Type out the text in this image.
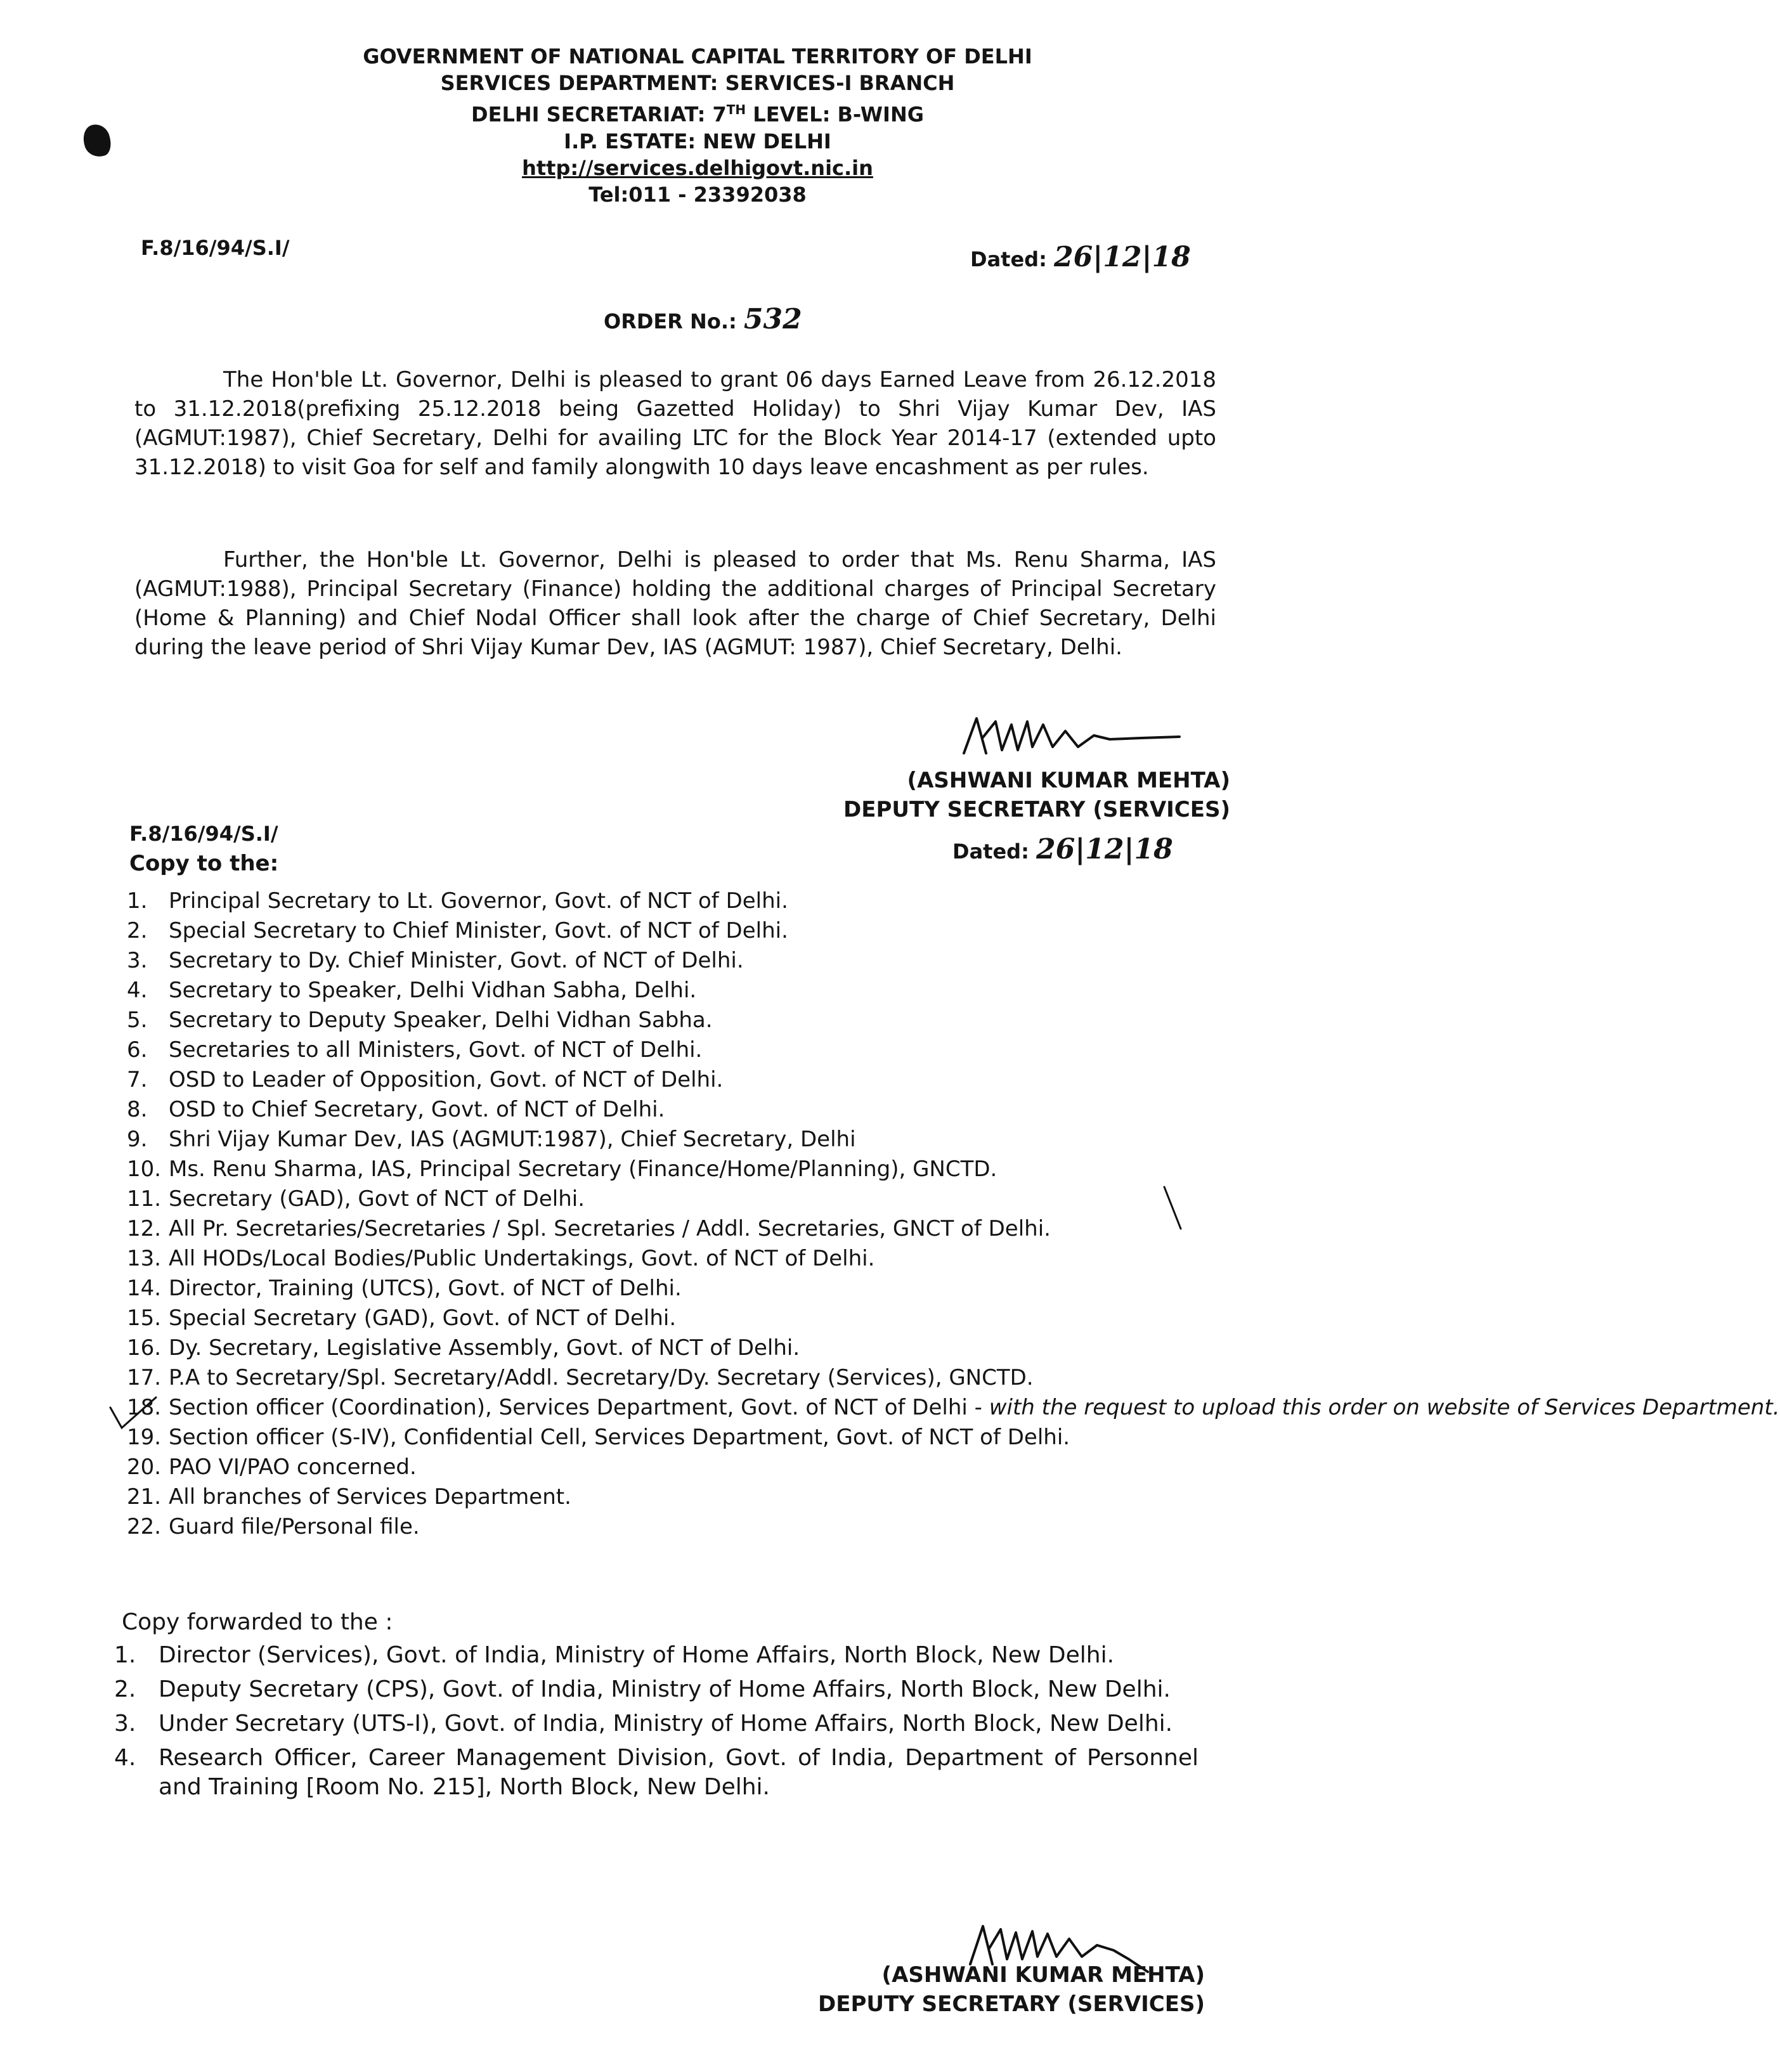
GOVERNMENT OF NATIONAL CAPITAL TERRITORY OF DELHI
SERVICES DEPARTMENT: SERVICES-I BRANCH
DELHI SECRETARIAT: 7TH LEVEL: B-WING
I.P. ESTATE: NEW DELHI
http://services.delhigovt.nic.in
Tel:011 - 23392038
F.8/16/94/S.I/	Dated: 26|12|18
ORDER No.: 532
The Hon'ble Lt. Governor, Delhi is pleased to grant 06 days Earned Leave from 26.12.2018 to 31.12.2018(prefixing 25.12.2018 being Gazetted Holiday) to Shri Vijay Kumar Dev, IAS (AGMUT:1987), Chief Secretary, Delhi for availing LTC for the Block Year 2014-17 (extended upto 31.12.2018) to visit Goa for self and family alongwith 10 days leave encashment as per rules.
Further, the Hon'ble Lt. Governor, Delhi is pleased to order that Ms. Renu Sharma, IAS (AGMUT:1988), Principal Secretary (Finance) holding the additional charges of Principal Secretary (Home & Planning) and Chief Nodal Officer shall look after the charge of Chief Secretary, Delhi during the leave period of Shri Vijay Kumar Dev, IAS (AGMUT: 1987), Chief Secretary, Delhi.
(ASHWANI KUMAR MEHTA)
DEPUTY SECRETARY (SERVICES)
F.8/16/94/S.I/
Dated: 26|12|18
Copy to the:
1. Principal Secretary to Lt. Governor, Govt. of NCT of Delhi.
2. Special Secretary to Chief Minister, Govt. of NCT of Delhi.
3. Secretary to Dy. Chief Minister, Govt. of NCT of Delhi.
4. Secretary to Speaker, Delhi Vidhan Sabha, Delhi.
5. Secretary to Deputy Speaker, Delhi Vidhan Sabha.
6. Secretaries to all Ministers, Govt. of NCT of Delhi.
7. OSD to Leader of Opposition, Govt. of NCT of Delhi.
8. OSD to Chief Secretary, Govt. of NCT of Delhi.
9. Shri Vijay Kumar Dev, IAS (AGMUT:1987), Chief Secretary, Delhi
10. Ms. Renu Sharma, IAS, Principal Secretary (Finance/Home/Planning), GNCTD.
11. Secretary (GAD), Govt of NCT of Delhi.
12. All Pr. Secretaries/Secretaries / Spl. Secretaries / Addl. Secretaries, GNCT of Delhi.
13. All HODs/Local Bodies/Public Undertakings, Govt. of NCT of Delhi.
14. Director, Training (UTCS), Govt. of NCT of Delhi.
15. Special Secretary (GAD), Govt. of NCT of Delhi.
16. Dy. Secretary, Legislative Assembly, Govt. of NCT of Delhi.
17. P.A to Secretary/Spl. Secretary/Addl. Secretary/Dy. Secretary (Services), GNCTD.
18. Section officer (Coordination), Services Department, Govt. of NCT of Delhi - with the request to upload this order on website of Services Department.
19. Section officer (S-IV), Confidential Cell, Services Department, Govt. of NCT of Delhi.
20. PAO VI/PAO concerned.
21. All branches of Services Department.
22. Guard file/Personal file.
Copy forwarded to the :
1. Director (Services), Govt. of India, Ministry of Home Affairs, North Block, New Delhi.
2. Deputy Secretary (CPS), Govt. of India, Ministry of Home Affairs, North Block, New Delhi.
3. Under Secretary (UTS-I), Govt. of India, Ministry of Home Affairs, North Block, New Delhi.
4. Research Officer, Career Management Division, Govt. of India, Department of Personnel and Training [Room No. 215], North Block, New Delhi.
(ASHWANI KUMAR MEHTA)
DEPUTY SECRETARY (SERVICES)
